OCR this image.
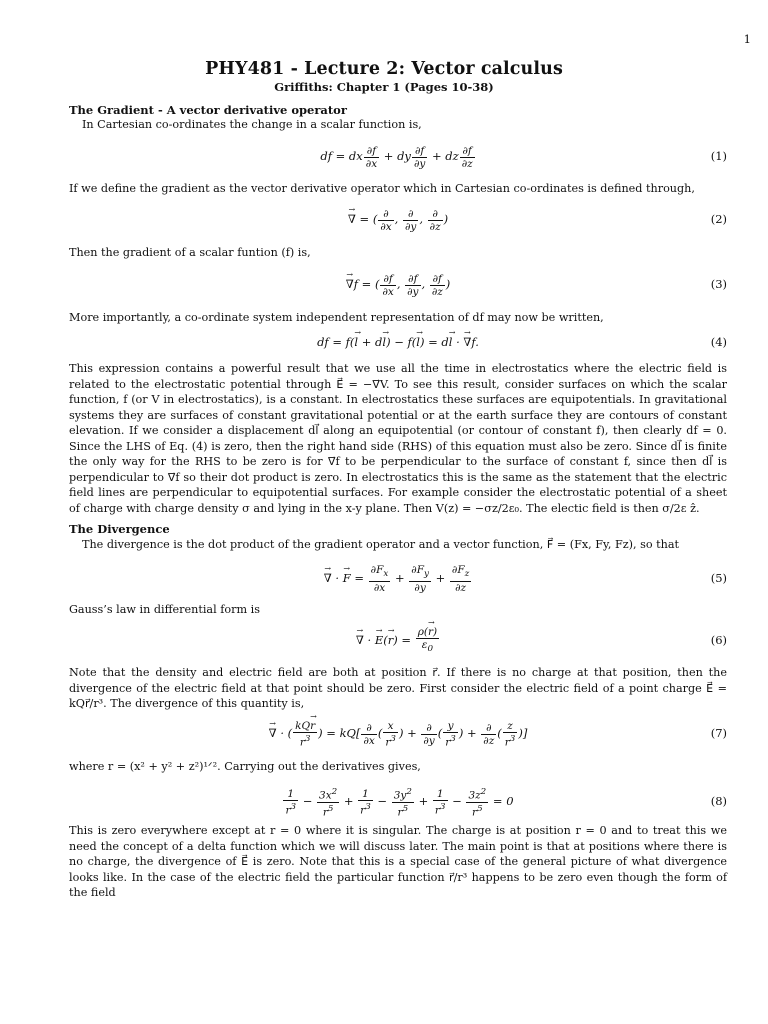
1
PHY481 - Lecture 2: Vector calculus
Griffiths: Chapter 1 (Pages 10-38)
The Gradient - A vector derivative operator
In Cartesian co-ordinates the change in a scalar function is,
df = dx $\frac{\partial f}{\partial x}$ + dy $\frac{\partial f}{\partial y}$ + dz $\frac{\partial f}{\partial z}$	(1)
If we define the gradient as the vector derivative operator which in Cartesian co-ordinates is defined through,
∇ → = ( $\frac{\partial}{\partial x}$ , $\frac{\partial}{\partial y}$ , $\frac{\partial}{\partial z}$ )	(2)
Then the gradient of a scalar funtion (f) is,
∇ →f = ( $\frac{\partial f}{\partial x}$ , $\frac{\partial f}{\partial y}$ , $\frac{\partial f}{\partial z}$ )	(3)
More importantly, a co-ordinate system independent representation of df may now be written,
df = f(l → + dl →) − f(l →) = dl → · ∇ →f.	(4)
This expression contains a powerful result that we use all the time in electrostatics where the electric field is related to the electrostatic potential through E⃗ = −∇⃗V. To see this result, consider surfaces on which the scalar function, f (or V in electrostatics), is a constant. In electrostatics these surfaces are equipotentials. In gravitational systems they are surfaces of constant gravitational potential or at the earth surface they are contours of constant elevation. If we consider a displacement dl⃗ along an equipotential (or contour of constant f), then clearly df = 0. Since the LHS of Eq. (4) is zero, then the right hand side (RHS) of this equation must also be zero. Since dl⃗ is finite the only way for the RHS to be zero is for ∇⃗f to be perpendicular to the surface of constant f, since then dl⃗ is perpendicular to ∇⃗f so their dot product is zero. In electrostatics this is the same as the statement that the electric field lines are perpendicular to equipotential surfaces. For example consider the electrostatic potential of a sheet of charge with charge density σ and lying in the x-y plane. Then V(z) = −σz/2ε₀. The electic field is then σ/2ε ẑ.
The Divergence
The divergence is the dot product of the gradient operator and a vector function, F⃗ = (Fx, Fy, Fz), so that
∇ → · F → = $\frac{\partial F_x}{\partial x} + \frac{\partial F_y}{\partial y} + \frac{\partial F_z}{\partial z}$	(5)
Gauss’s law in differential form is
∇ → · E →(r →) = $\frac{\rho(r \to)}{\varepsilon_0}$	(6)
Note that the density and electric field are both at position r⃗. If there is no charge at that position, then the divergence of the electric field at that point should be zero. First consider the electric field of a point charge E⃗ = kQr⃗/r³. The divergence of this quantity is,
∇ → · ( $\frac{\text{kQr →}}{r^3}$ ) = $kQ[ \frac{\partial}{\partial x}$ ( $\frac{x}{r^3}$ ) + $\frac{\partial}{\partial y}$ ( $\frac{y}{r^3}$ ) + $\frac{\partial}{\partial z}$ ( $\frac{z}{r^3}$ )]	(7)
where r = (x² + y² + z²)¹ᐟ². Carrying out the derivatives gives,
$\frac{1}{r^3} - \frac{3x^2}{r^5} + \frac{1}{r^3} - \frac{3y^2}{r^5} + \frac{1}{r^3} - \frac{3z^2}{r^5} = 0$	(8)
This is zero everywhere except at r = 0 where it is singular. The charge is at position r = 0 and to treat this we need the concept of a delta function which we will discuss later. The main point is that at positions where there is no charge, the divergence of E⃗ is zero. Note that this is a special case of the general picture of what divergence looks like. In the case of the electric field the particular function r⃗/r³ happens to be zero even though the form of the field
